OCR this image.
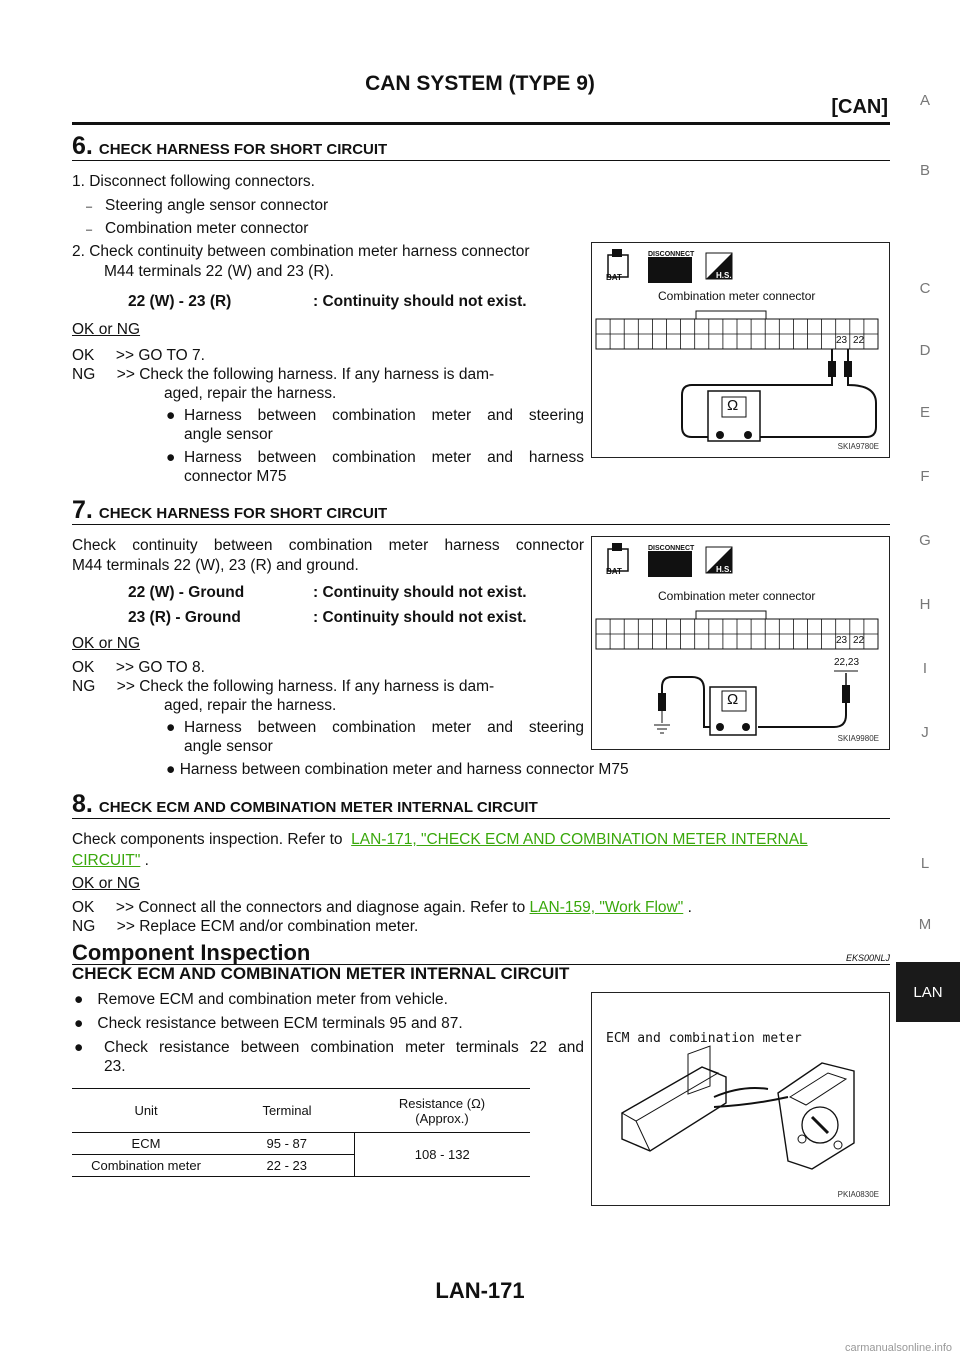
CAN SYSTEM (TYPE 9)
[CAN]	A
B
C
D
E
F
G
H
I
J
L
M
LAN
6. CHECK HARNESS FOR SHORT CIRCUIT
1. Disconnect following connectors.
– Steering angle sensor connector
– Combination meter connector
2. Check continuity between combination meter harness connector
M44 terminals 22 (W) and 23 (R).
22 (W) - 23 (R)	: Continuity should not exist.
OK or NG
OK     >> GO TO 7.
NG     >> Check the following harness. If any harness is dam-
aged, repair the harness.
● Harness between combination meter and steering
angle sensor
● Harness between combination meter and harness
connector M75
DISCONNECT
BAT	H.S.
Combination meter connector
23 22
Ω
SKIA9780E
7. CHECK HARNESS FOR SHORT CIRCUIT
Check continuity between combination meter harness connector
M44 terminals 22 (W), 23 (R) and ground.
22 (W) - Ground	: Continuity should not exist.
23 (R) - Ground	: Continuity should not exist.
OK or NG
OK     >> GO TO 8.
NG     >> Check the following harness. If any harness is dam-
aged, repair the harness.
● Harness between combination meter and steering
angle sensor
● Harness between combination meter and harness connector M75
DISCONNECT
BAT	H.S.
Combination meter connector
23 22
22,23
Ω
SKIA9980E
8. CHECK ECM AND COMBINATION METER INTERNAL CIRCUIT
Check components inspection. Refer to LAN-171, "CHECK ECM AND COMBINATION METER INTERNAL
CIRCUIT" .
OK or NG
OK     >> Connect all the connectors and diagnose again. Refer to LAN-159, "Work Flow" .
NG     >> Replace ECM and/or combination meter.
Component Inspection	EKS00NLJ
CHECK ECM AND COMBINATION METER INTERNAL CIRCUIT
● Remove ECM and combination meter from vehicle.
● Check resistance between ECM terminals 95 and 87.
● Check resistance between combination meter terminals 22 and
23.
Unit	Terminal	Resistance (Ω)
(Approx.)

ECM	95 - 87	108 - 132
Combination meter	22 - 23	
ECM and combination meter
PKIA0830E
LAN-171
carmanualsonline.info
